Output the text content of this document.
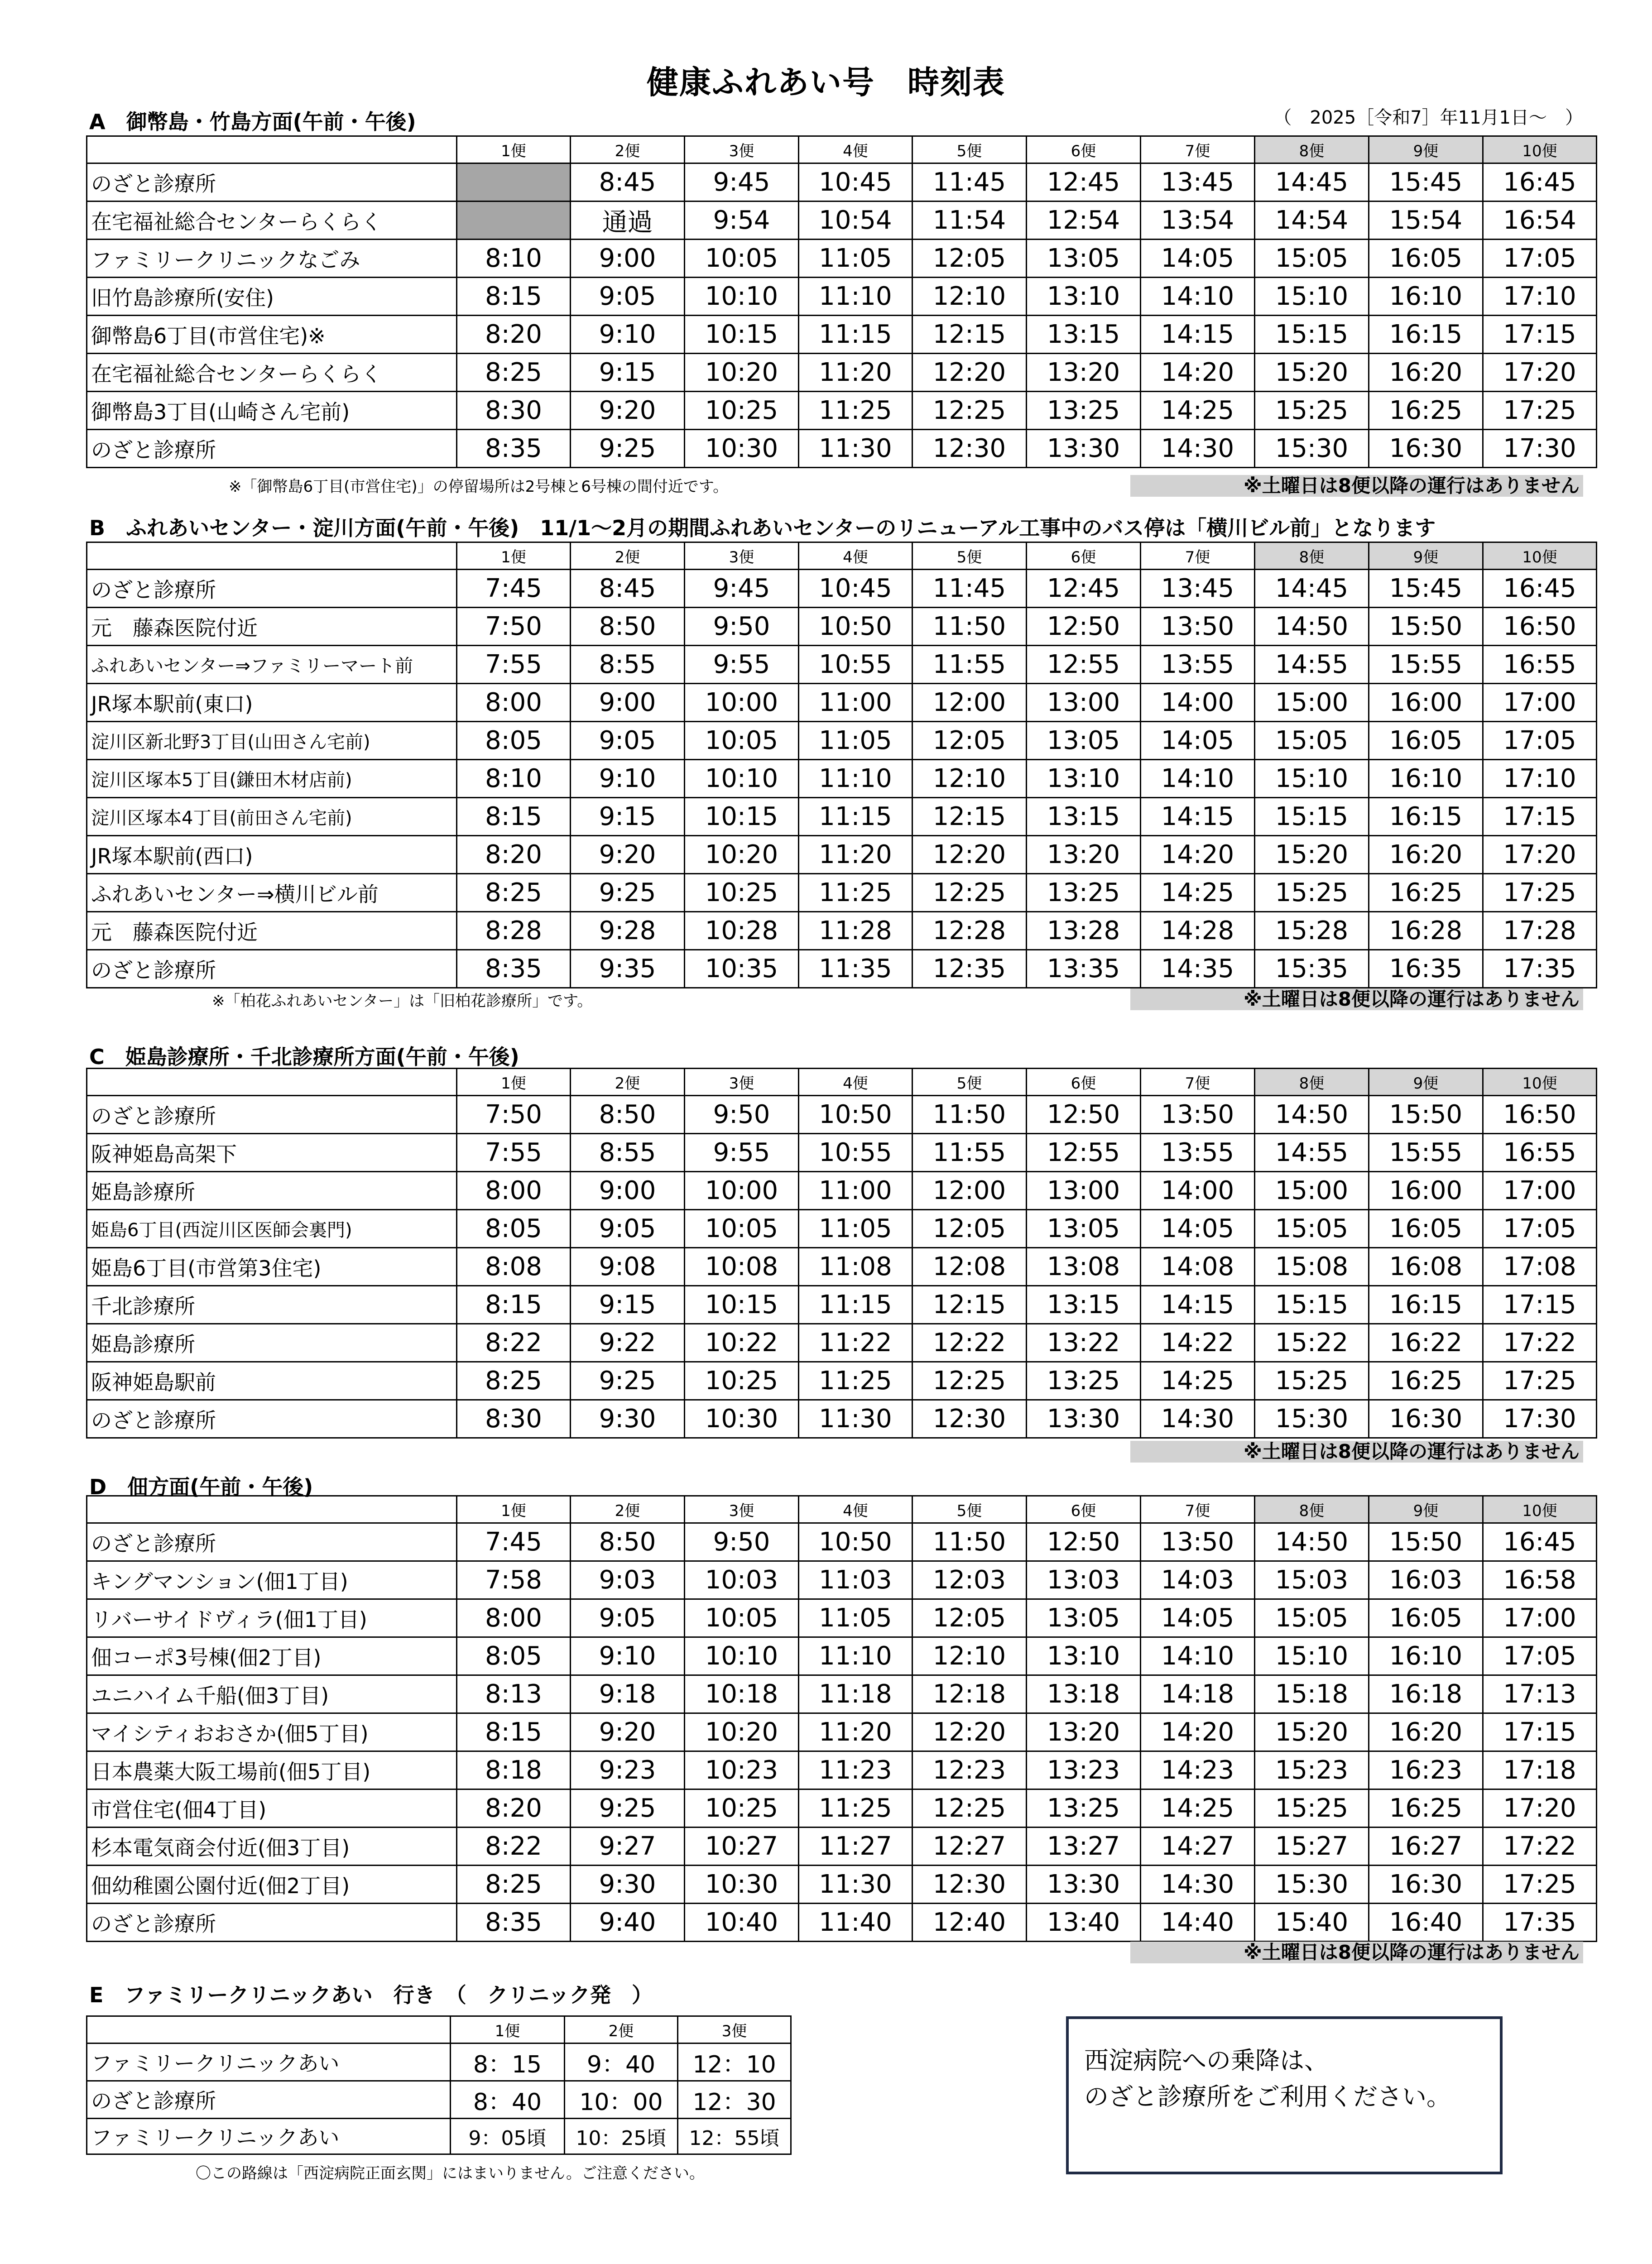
健康ふれあい号　時刻表
（　2025［令和7］年11月1日～　）
A　御幣島・竹島方面(午前・午後)
	1便	2便	3便	4便	5便	6便	7便	8便	9便	10便
のざと診療所		8:45	9:45	10:45	11:45	12:45	13:45	14:45	15:45	16:45
在宅福祉総合センターらくらく		通過	9:54	10:54	11:54	12:54	13:54	14:54	15:54	16:54
ファミリークリニックなごみ	8:10	9:00	10:05	11:05	12:05	13:05	14:05	15:05	16:05	17:05
旧竹島診療所(安住)	8:15	9:05	10:10	11:10	12:10	13:10	14:10	15:10	16:10	17:10
御幣島6丁目(市営住宅)※	8:20	9:10	10:15	11:15	12:15	13:15	14:15	15:15	16:15	17:15
在宅福祉総合センターらくらく	8:25	9:15	10:20	11:20	12:20	13:20	14:20	15:20	16:20	17:20
御幣島3丁目(山崎さん宅前)	8:30	9:20	10:25	11:25	12:25	13:25	14:25	15:25	16:25	17:25
のざと診療所	8:35	9:25	10:30	11:30	12:30	13:30	14:30	15:30	16:30	17:30
※「御幣島6丁目(市営住宅)」の停留場所は2号棟と6号棟の間付近です。	※土曜日は8便以降の運行はありません
B　ふれあいセンター・淀川方面(午前・午後)　11/1～2月の期間ふれあいセンターのリニューアル工事中のバス停は「横川ビル前」となります
	1便	2便	3便	4便	5便	6便	7便	8便	9便	10便
のざと診療所	7:45	8:45	9:45	10:45	11:45	12:45	13:45	14:45	15:45	16:45
元　藤森医院付近	7:50	8:50	9:50	10:50	11:50	12:50	13:50	14:50	15:50	16:50
ふれあいセンター⇒ファミリーマート前	7:55	8:55	9:55	10:55	11:55	12:55	13:55	14:55	15:55	16:55
JR塚本駅前(東口)	8:00	9:00	10:00	11:00	12:00	13:00	14:00	15:00	16:00	17:00
淀川区新北野3丁目(山田さん宅前)	8:05	9:05	10:05	11:05	12:05	13:05	14:05	15:05	16:05	17:05
淀川区塚本5丁目(鎌田木材店前)	8:10	9:10	10:10	11:10	12:10	13:10	14:10	15:10	16:10	17:10
淀川区塚本4丁目(前田さん宅前)	8:15	9:15	10:15	11:15	12:15	13:15	14:15	15:15	16:15	17:15
JR塚本駅前(西口)	8:20	9:20	10:20	11:20	12:20	13:20	14:20	15:20	16:20	17:20
ふれあいセンター⇒横川ビル前	8:25	9:25	10:25	11:25	12:25	13:25	14:25	15:25	16:25	17:25
元　藤森医院付近	8:28	9:28	10:28	11:28	12:28	13:28	14:28	15:28	16:28	17:28
のざと診療所	8:35	9:35	10:35	11:35	12:35	13:35	14:35	15:35	16:35	17:35
※「柏花ふれあいセンター」は「旧柏花診療所」です。	※土曜日は8便以降の運行はありません
C　姫島診療所・千北診療所方面(午前・午後)
	1便	2便	3便	4便	5便	6便	7便	8便	9便	10便
のざと診療所	7:50	8:50	9:50	10:50	11:50	12:50	13:50	14:50	15:50	16:50
阪神姫島高架下	7:55	8:55	9:55	10:55	11:55	12:55	13:55	14:55	15:55	16:55
姫島診療所	8:00	9:00	10:00	11:00	12:00	13:00	14:00	15:00	16:00	17:00
姫島6丁目(西淀川区医師会裏門)	8:05	9:05	10:05	11:05	12:05	13:05	14:05	15:05	16:05	17:05
姫島6丁目(市営第3住宅)	8:08	9:08	10:08	11:08	12:08	13:08	14:08	15:08	16:08	17:08
千北診療所	8:15	9:15	10:15	11:15	12:15	13:15	14:15	15:15	16:15	17:15
姫島診療所	8:22	9:22	10:22	11:22	12:22	13:22	14:22	15:22	16:22	17:22
阪神姫島駅前	8:25	9:25	10:25	11:25	12:25	13:25	14:25	15:25	16:25	17:25
のざと診療所	8:30	9:30	10:30	11:30	12:30	13:30	14:30	15:30	16:30	17:30
※土曜日は8便以降の運行はありません
D　佃方面(午前・午後)
	1便	2便	3便	4便	5便	6便	7便	8便	9便	10便
のざと診療所	7:45	8:50	9:50	10:50	11:50	12:50	13:50	14:50	15:50	16:45
キングマンション(佃1丁目)	7:58	9:03	10:03	11:03	12:03	13:03	14:03	15:03	16:03	16:58
リバーサイドヴィラ(佃1丁目)	8:00	9:05	10:05	11:05	12:05	13:05	14:05	15:05	16:05	17:00
佃コーポ3号棟(佃2丁目)	8:05	9:10	10:10	11:10	12:10	13:10	14:10	15:10	16:10	17:05
ユニハイム千船(佃3丁目)	8:13	9:18	10:18	11:18	12:18	13:18	14:18	15:18	16:18	17:13
マイシティおおさか(佃5丁目)	8:15	9:20	10:20	11:20	12:20	13:20	14:20	15:20	16:20	17:15
日本農薬大阪工場前(佃5丁目)	8:18	9:23	10:23	11:23	12:23	13:23	14:23	15:23	16:23	17:18
市営住宅(佃4丁目)	8:20	9:25	10:25	11:25	12:25	13:25	14:25	15:25	16:25	17:20
杉本電気商会付近(佃3丁目)	8:22	9:27	10:27	11:27	12:27	13:27	14:27	15:27	16:27	17:22
佃幼稚園公園付近(佃2丁目)	8:25	9:30	10:30	11:30	12:30	13:30	14:30	15:30	16:30	17:25
のざと診療所	8:35	9:40	10:40	11:40	12:40	13:40	14:40	15:40	16:40	17:35
※土曜日は8便以降の運行はありません
E　ファミリークリニックあい　行き　（　クリニック発　）
	1便	2便	3便
ファミリークリニックあい	8：15	9：40	12：10
のざと診療所	8：40	10：00	12：30
ファミリークリニックあい	9：05頃	10：25頃	12：55頃
〇この路線は「西淀病院正面玄関」にはまいりません。ご注意ください。
西淀病院への乗降は、
のざと診療所をご利用ください。
